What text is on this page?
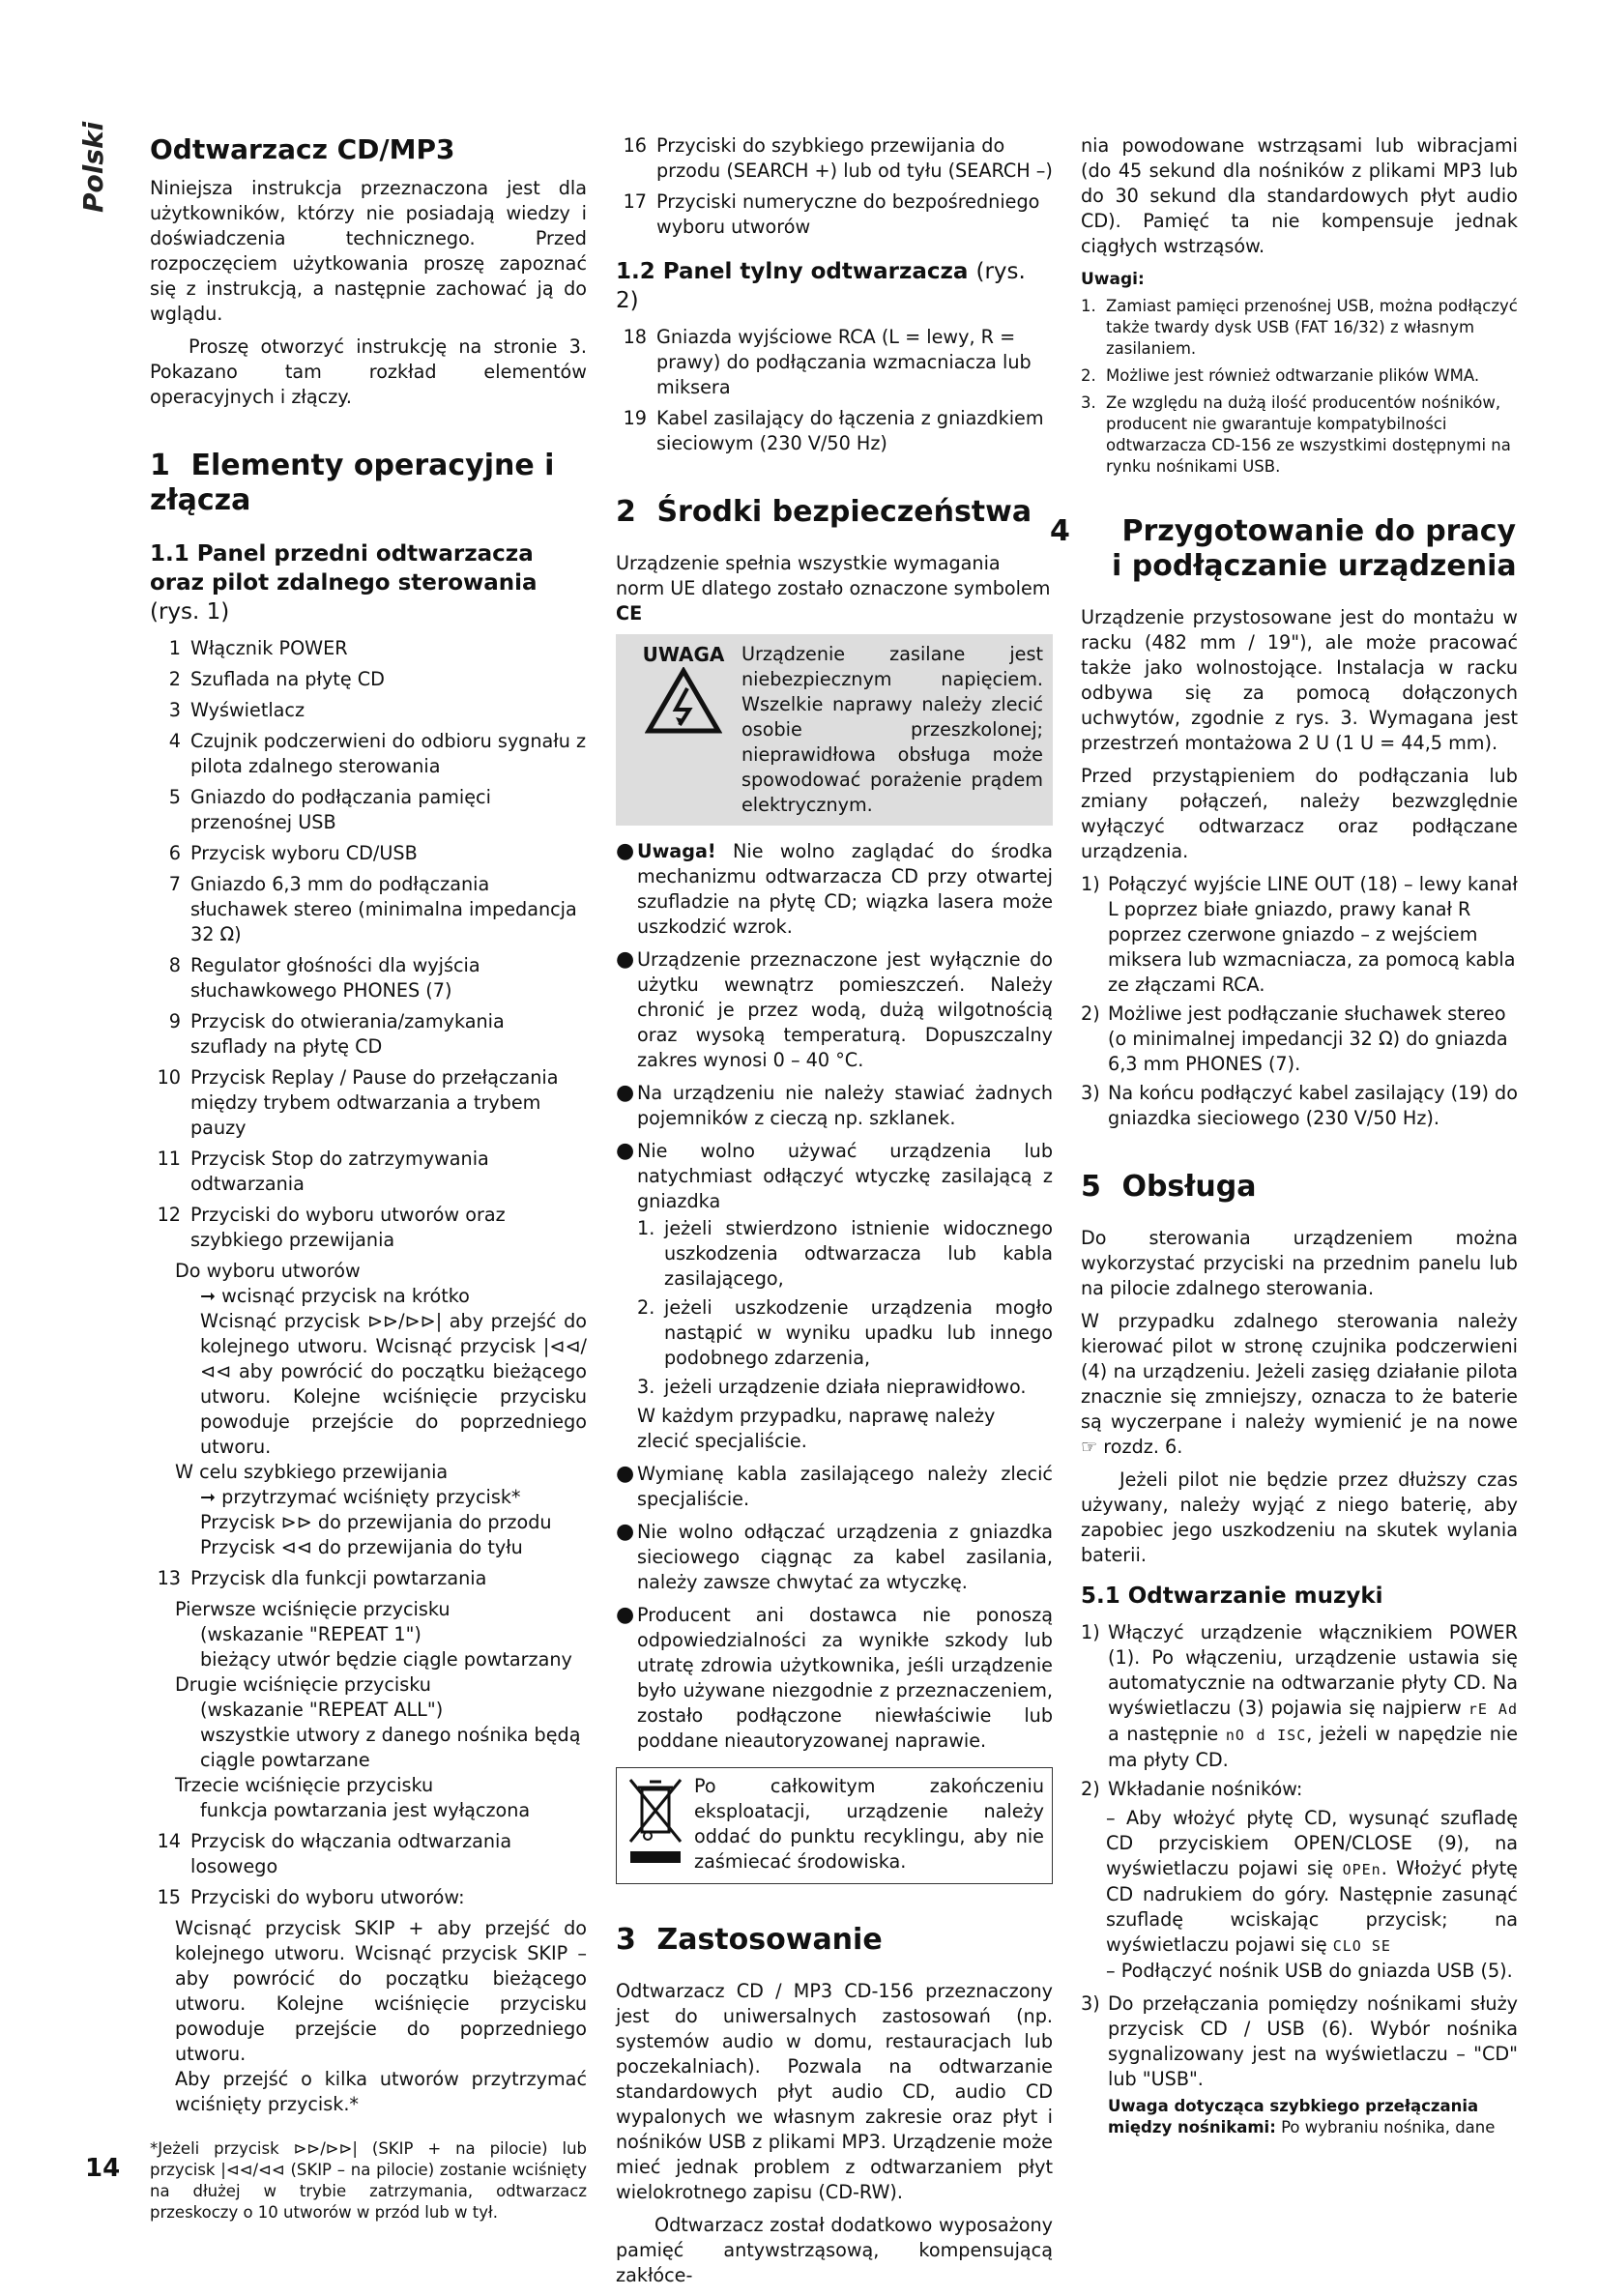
Polski Odtwarzacz CD/MP3

Niniejsza instrukcja przeznaczona jest dla użytkowników, którzy nie posiadają wiedzy i doświadczenia technicznego. Przed rozpoczęciem użytkowania proszę zapoznać się z instrukcją, a następnie zachować ją do wglądu.

Proszę otworzyć instrukcję na stronie 3. Pokazano tam rozkład elementów operacyjnych i złączy.

1 Elementy operacyjne i złącza
1.1 Panel przedni odtwarzacza oraz pilot zdalnego sterowania (rys. 1)
1 Włącznik POWER
2 Szuflada na płytę CD
3 Wyświetlacz
4 Czujnik podczerwieni do odbioru sygnału z pilota zdalnego sterowania
5 Gniazdo do podłączania pamięci przenośnej USB
6 Przycisk wyboru CD/USB
7 Gniazdo 6,3 mm do podłączania słuchawek stereo (minimalna impedancja 32 Ω)
8 Regulator głośności dla wyjścia słuchawkowego PHONES (7)
9 Przycisk do otwierania/zamykania szuflady na płytę CD
10 Przycisk Replay / Pause do przełączania między trybem odtwarzania a trybem pauzy
11 Przycisk Stop do zatrzymywania odtwarzania
12 Przyciski do wyboru utworów oraz szybkiego przewijania
Do wyboru utworów
➞ wcisnąć przycisk na krótko
Wcisnąć przycisk ⊳⊳/⊳⊳| aby przejść do kolejnego utworu. Wcisnąć przycisk |⊲⊲/⊲⊲ aby powrócić do początku bieżącego utworu. Kolejne wciśnięcie przycisku powoduje przejście do poprzedniego utworu.
W celu szybkiego przewijania
➞ przytrzymać wciśnięty przycisk*
Przycisk ⊳⊳ do przewijania do przodu
Przycisk ⊲⊲ do przewijania do tyłu
13 Przycisk dla funkcji powtarzania
Pierwsze wciśnięcie przycisku
(wskazanie "REPEAT 1")
bieżący utwór będzie ciągle powtarzany
Drugie wciśnięcie przycisku
(wskazanie "REPEAT ALL")
wszystkie utwory z danego nośnika będą ciągle powtarzane
Trzecie wciśnięcie przycisku
funkcja powtarzania jest wyłączona
14 Przycisk do włączania odtwarzania losowego
15 Przyciski do wyboru utworów:
Wcisnąć przycisk SKIP + aby przejść do kolejnego utworu. Wcisnąć przycisk SKIP – aby powrócić do początku bieżącego utworu. Kolejne wciśnięcie przycisku powoduje przejście do poprzedniego utworu.
Aby przejść o kilka utworów przytrzymać wciśnięty przycisk.*
*Jeżeli przycisk ⊳⊳/⊳⊳| (SKIP + na pilocie) lub przycisk |⊲⊲/⊲⊲ (SKIP – na pilocie) zostanie wciśnięty na dłużej w trybie zatrzymania, odtwarzacz przeskoczy o 10 utworów w przód lub w tył.
16 Przyciski do szybkiego przewijania do przodu (SEARCH +) lub od tyłu (SEARCH –)
17 Przyciski numeryczne do bezpośredniego wyboru utworów
1.2 Panel tylny odtwarzacza (rys. 2)
18 Gniazda wyjściowe RCA (L = lewy, R = prawy) do podłączania wzmacniacza lub miksera
19 Kabel zasilający do łączenia z gniazdkiem sieciowym (230 V/50 Hz)
2 Środki bezpieczeństwa

Urządzenie spełnia wszystkie wymagania norm UE dlatego zostało oznaczone symbolem CE

UWAGA Urządzenie zasilane jest niebezpiecznym napięciem. Wszelkie naprawy należy zlecić osobie przeszkolonej; nieprawidłowa obsługa może spowodować porażenie prądem elektrycznym.
● Uwaga! Nie wolno zaglądać do środka mechanizmu odtwarzacza CD przy otwartej szufladzie na płytę CD; wiązka lasera może uszkodzić wzrok.
● Urządzenie przeznaczone jest wyłącznie do użytku wewnątrz pomieszczeń. Należy chronić je przez wodą, dużą wilgotnością oraz wysoką temperaturą. Dopuszczalny zakres wynosi 0 – 40 °C.
● Na urządzeniu nie należy stawiać żadnych pojemników z cieczą np. szklanek.
● Nie wolno używać urządzenia lub natychmiast odłączyć wtyczkę zasilającą z gniazdka
1. jeżeli stwierdzono istnienie widocznego uszkodzenia odtwarzacza lub kabla zasilającego,
2. jeżeli uszkodzenie urządzenia mogło nastąpić w wyniku upadku lub innego podobnego zdarzenia,
3. jeżeli urządzenie działa nieprawidłowo.

W każdym przypadku, naprawę należy zlecić specjaliście.

● Wymianę kabla zasilającego należy zlecić specjaliście.
● Nie wolno odłączać urządzenia z gniazdka sieciowego ciągnąc za kabel zasilania, należy zawsze chwytać za wtyczkę.
● Producent ani dostawca nie ponoszą odpowiedzialności za wynikłe szkody lub utratę zdrowia użytkownika, jeśli urządzenie było używane niezgodnie z przeznaczeniem, zostało podłączone niewłaściwie lub poddane nieautoryzowanej naprawie.
Po całkowitym zakończeniu eksploatacji, urządzenie należy oddać do punktu recyklingu, aby nie zaśmiecać środowiska.
3 Zastosowanie

Odtwarzacz CD / MP3 CD-156 przeznaczony jest do uniwersalnych zastosowań (np. systemów audio w domu, restauracjach lub poczekalniach). Pozwala na odtwarzanie standardowych płyt audio CD, audio CD wypalonych we własnym zakresie oraz płyt i nośników USB z plikami MP3. Urządzenie może mieć jednak problem z odtwarzaniem płyt wielokrotnego zapisu (CD-RW).

Odtwarzacz został dodatkowo wyposażony pamięć antywstrząsową, kompensującą zakłóce-

nia powodowane wstrząsami lub wibracjami (do 45 sekund dla nośników z plikami MP3 lub do 30 sekund dla standardowych płyt audio CD). Pamięć ta nie kompensuje jednak ciągłych wstrząsów.

Uwagi:
1. Zamiast pamięci przenośnej USB, można podłączyć także twardy dysk USB (FAT 16/32) z własnym zasilaniem.
2. Możliwe jest również odtwarzanie plików WMA.
3. Ze względu na dużą ilość producentów nośników, producent nie gwarantuje kompatybilności odtwarzacza CD-156 ze wszystkimi dostępnymi na rynku nośnikami USB.
4 Przygotowanie do pracy i podłączanie urządzenia

Urządzenie przystosowane jest do montażu w racku (482 mm / 19"), ale może pracować także jako wolnostojące. Instalacja w racku odbywa się za pomocą dołączonych uchwytów, zgodnie z rys. 3. Wymagana jest przestrzeń montażowa 2 U (1 U = 44,5 mm).

Przed przystąpieniem do podłączania lub zmiany połączeń, należy bezwzględnie wyłączyć odtwarzacz oraz podłączane urządzenia.

1) Połączyć wyjście LINE OUT (18) – lewy kanał L poprzez białe gniazdo, prawy kanał R poprzez czerwone gniazdo – z wejściem miksera lub wzmacniacza, za pomocą kabla ze złączami RCA.
2) Możliwe jest podłączanie słuchawek stereo (o minimalnej impedancji 32 Ω) do gniazda 6,3 mm PHONES (7).
3) Na końcu podłączyć kabel zasilający (19) do gniazdka sieciowego (230 V/50 Hz).
5 Obsługa

Do sterowania urządzeniem można wykorzystać przyciski na przednim panelu lub na pilocie zdalnego sterowania.

W przypadku zdalnego sterowania należy kierować pilot w stronę czujnika podczerwieni (4) na urządzeniu. Jeżeli zasięg działanie pilota znacznie się zmniejszy, oznacza to że baterie są wyczerpane i należy wymienić je na nowe ☞ rozdz. 6.

Jeżeli pilot nie będzie przez dłuższy czas używany, należy wyjąć z niego baterię, aby zapobiec jego uszkodzeniu na skutek wylania baterii.

5.1 Odtwarzanie muzyki
1) Włączyć urządzenie włącznikiem POWER (1). Po włączeniu, urządzenie ustawia się automatycznie na odtwarzanie płyty CD. Na wyświetlaczu (3) pojawia się najpierw rE Ad a następnie nO d ISC, jeżeli w napędzie nie ma płyty CD.
2) Wkładanie nośników:
– Aby włożyć płytę CD, wysunąć szufladę CD przyciskiem OPEN/CLOSE (9), na wyświetlaczu pojawi się OPEn. Włożyć płytę CD nadrukiem do góry. Następnie zasunąć szufladę wciskając przycisk; na wyświetlaczu pojawi się CLO SE
– Podłączyć nośnik USB do gniazda USB (5).
3) Do przełączania pomiędzy nośnikami służy przycisk CD / USB (6). Wybór nośnika sygnalizowany jest na wyświetlaczu – "CD" lub "USB".

Uwaga dotycząca szybkiego przełączania między nośnikami: Po wybraniu nośnika, dane

14
